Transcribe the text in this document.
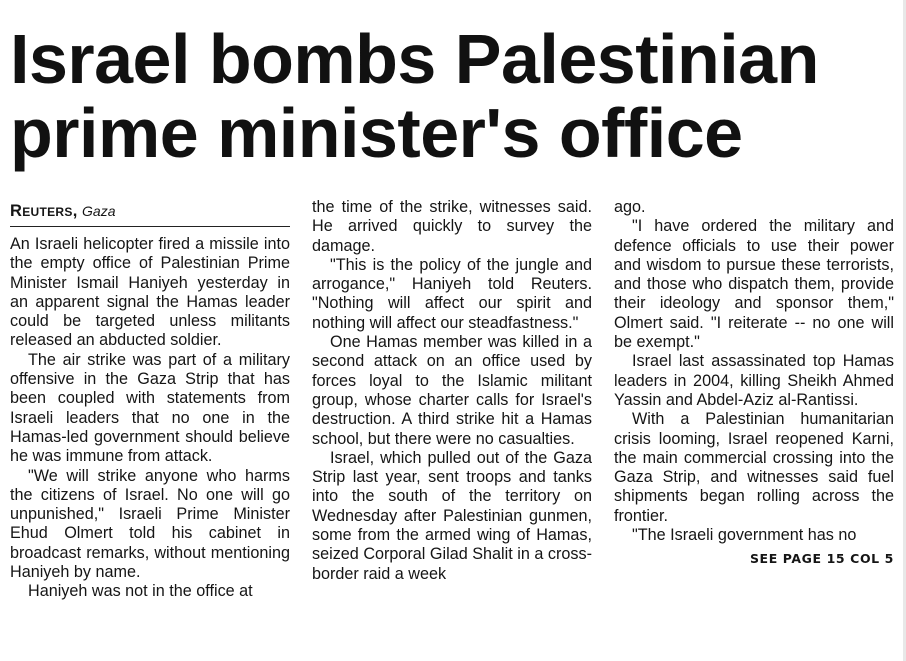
Israel bombs Palestinian
prime minister's office
Reuters, Gaza

An Israeli helicopter fired a missile into the empty office of Palestinian Prime Minister Ismail Haniyeh yesterday in an apparent signal the Hamas leader could be targeted unless militants released an abducted soldier.

The air strike was part of a military offensive in the Gaza Strip that has been coupled with statements from Israeli leaders that no one in the Hamas-led government should believe he was immune from attack.

"We will strike anyone who harms the citizens of Israel. No one will go unpunished," Israeli Prime Minister Ehud Olmert told his cabinet in broadcast remarks, without mentioning Haniyeh by name.

Haniyeh was not in the office at

the time of the strike, witnesses said. He arrived quickly to survey the damage.

"This is the policy of the jungle and arrogance," Haniyeh told Reuters. "Nothing will affect our spirit and nothing will affect our steadfastness."

One Hamas member was killed in a second attack on an office used by forces loyal to the Islamic militant group, whose charter calls for Israel's destruction. A third strike hit a Hamas school, but there were no casualties.

Israel, which pulled out of the Gaza Strip last year, sent troops and tanks into the south of the territory on Wednesday after Palestinian gunmen, some from the armed wing of Hamas, seized Corporal Gilad Shalit in a cross-border raid a week

ago.

"I have ordered the military and defence officials to use their power and wisdom to pursue these terrorists, and those who dispatch them, provide their ideology and sponsor them," Olmert said. "I reiterate -- no one will be exempt."

Israel last assassinated top Hamas leaders in 2004, killing Sheikh Ahmed Yassin and Abdel-Aziz al-Rantissi.

With a Palestinian humanitarian crisis looming, Israel reopened Karni, the main commercial crossing into the Gaza Strip, and witnesses said fuel shipments began rolling across the frontier.

"The Israeli government has no

SEE PAGE 15 COL 5
